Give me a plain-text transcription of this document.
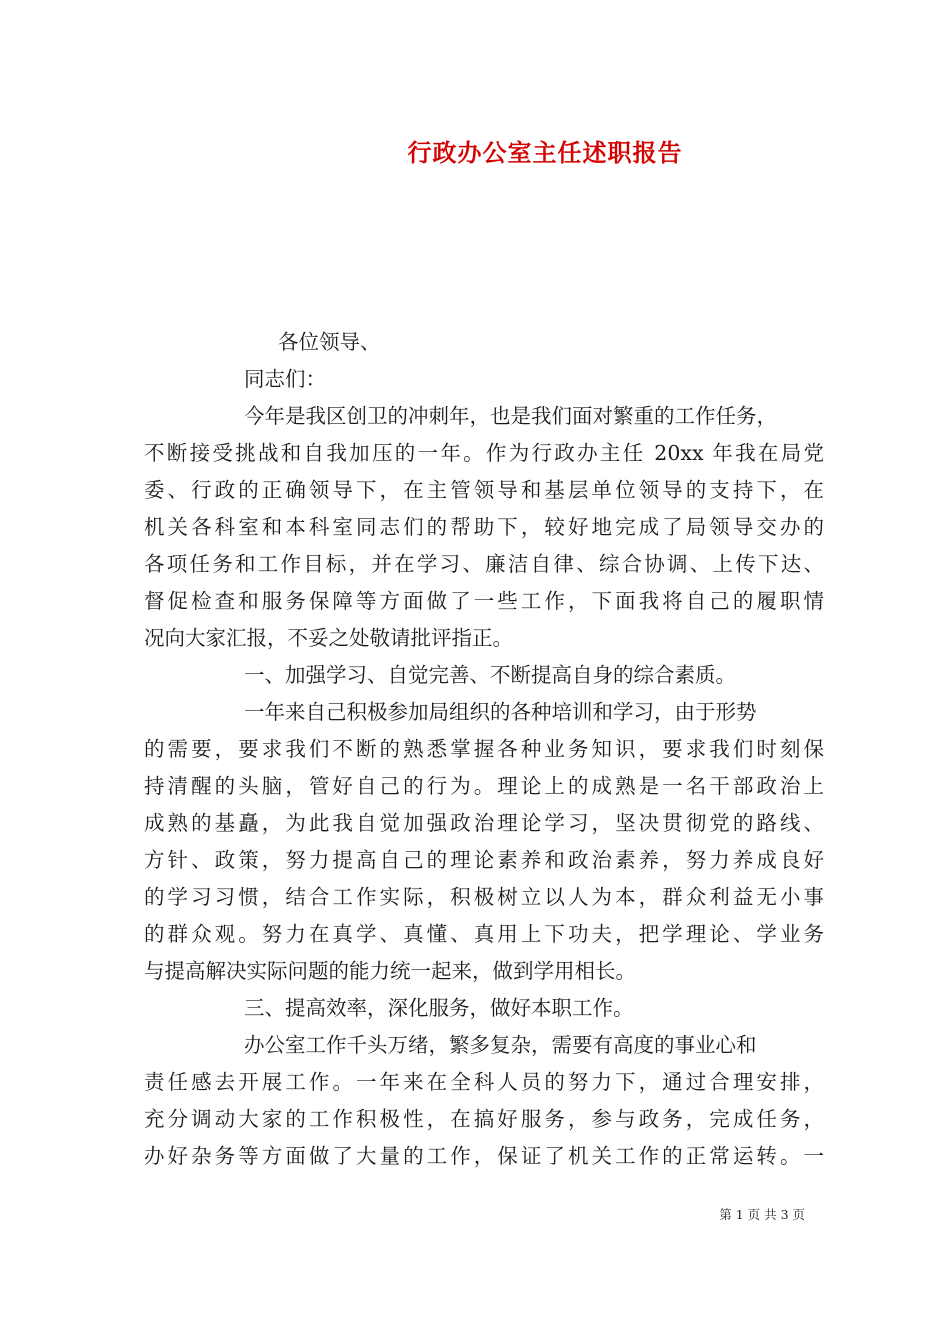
行政办公室主任述职报告
各位领导、
同志们：
今年是我区创卫的冲刺年，也是我们面对繁重的工作任务，
不断接受挑战和自我加压的一年。作为行政办主任 20xx 年我在局党
委、行政的正确领导下，在主管领导和基层单位领导的支持下，在
机关各科室和本科室同志们的帮助下，较好地完成了局领导交办的
各项任务和工作目标，并在学习、廉洁自律、综合协调、上传下达、
督促检查和服务保障等方面做了一些工作，下面我将自己的履职情
况向大家汇报，不妥之处敬请批评指正。
一、加强学习、自觉完善、不断提高自身的综合素质。
一年来自己积极参加局组织的各种培训和学习，由于形势
的需要，要求我们不断的熟悉掌握各种业务知识，要求我们时刻保
持清醒的头脑，管好自己的行为。理论上的成熟是一名干部政治上
成熟的基矗，为此我自觉加强政治理论学习，坚决贯彻党的路线、
方针、政策，努力提高自己的理论素养和政治素养，努力养成良好
的学习习惯，结合工作实际，积极树立以人为本，群众利益无小事
的群众观。努力在真学、真懂、真用上下功夫，把学理论、学业务
与提高解决实际问题的能力统一起来，做到学用相长。
三、提高效率，深化服务，做好本职工作。
办公室工作千头万绪，繁多复杂，需要有高度的事业心和
责任感去开展工作。一年来在全科人员的努力下，通过合理安排，
充分调动大家的工作积极性，在搞好服务，参与政务，完成任务，
办好杂务等方面做了大量的工作，保证了机关工作的正常运转。一
第 1 页 共 3 页
